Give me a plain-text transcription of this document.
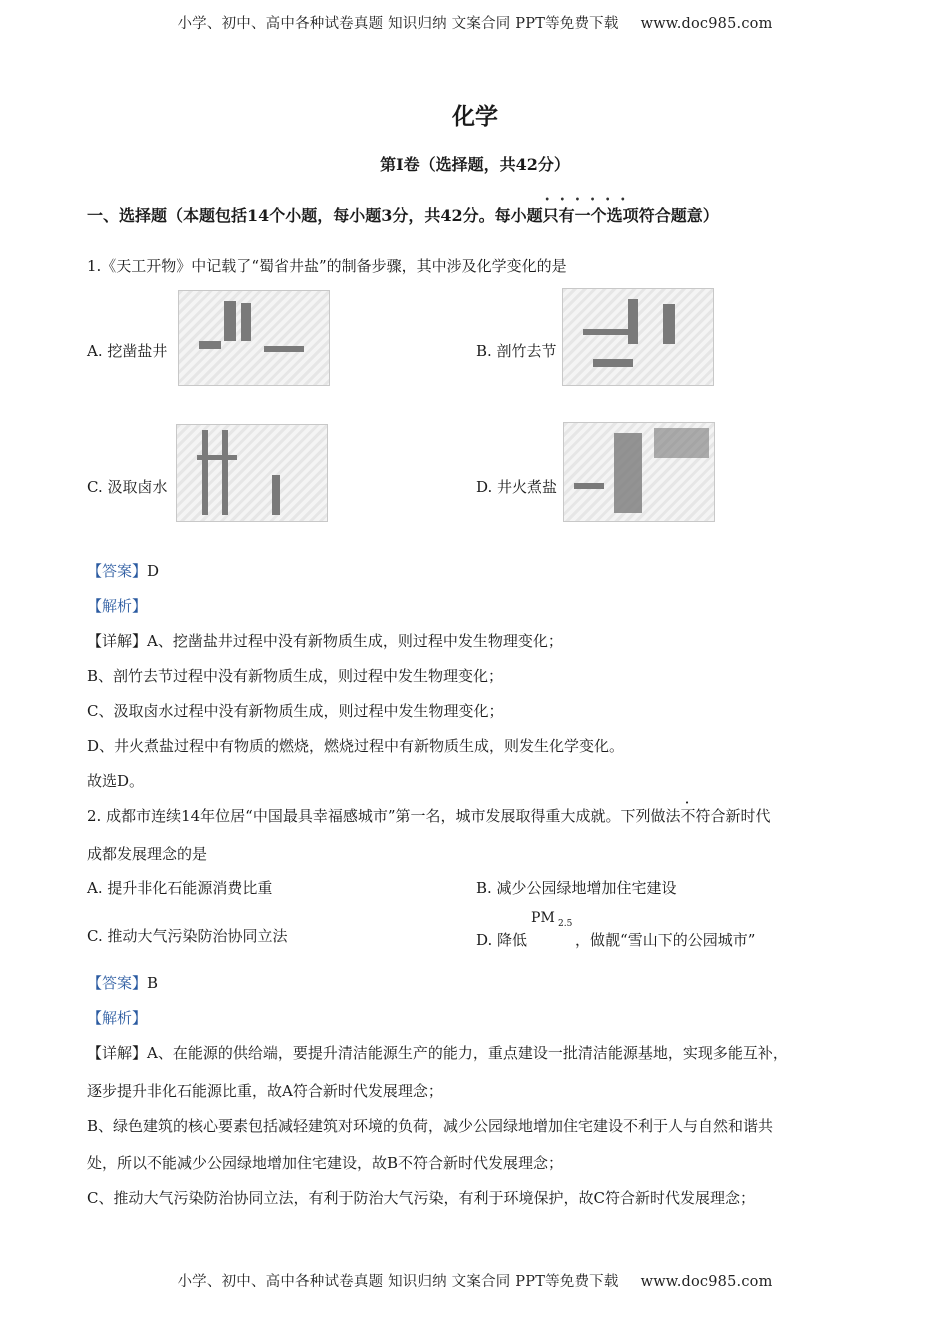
小学、初中、高中各种试卷真题 知识归纳 文案合同 PPT等免费下载 www.doc985.com
化学
第I卷（选择题，共42分）
一、选择题（本题包括14个小题，每小题3分，共42分。每小题只有一个选项 ••••••符合题意）
1.《天工开物》中记载了“蜀省井盐”的制备步骤，其中涉及化学变化的是
A. 挖凿盐井	B. 剖竹去节
C. 汲取卤水	D. 井火煮盐
【答案】D
【解析】
【详解】A、挖凿盐井过程中没有新物质生成，则过程中发生物理变化；
B、剖竹去节过程中没有新物质生成，则过程中发生物理变化；
C、汲取卤水过程中没有新物质生成，则过程中发生物理变化；
D、井火煮盐过程中有物质的燃烧，燃烧过程中有新物质生成，则发生化学变化。
故选D。
2. 成都市连续14年位居“中国最具幸福感城市”第一名，城市发展取得重大成就。下列做法不符合新时代
成都发展理念的是
A. 提升非化石能源消费比重	B. 减少公园绿地增加住宅建设
C. 推动大气污染防治协同立法	D. 降低
PM 2.5
，做靓“雪山下的公园城市”
【答案】B
【解析】
【详解】A、在能源的供给端，要提升清洁能源生产的能力，重点建设一批清洁能源基地，实现多能互补，
逐步提升非化石能源比重，故A符合新时代发展理念；
B、绿色建筑的核心要素包括减轻建筑对环境的负荷，减少公园绿地增加住宅建设不利于人与自然和谐共
处，所以不能减少公园绿地增加住宅建设，故B不符合新时代发展理念；
C、推动大气污染防治协同立法，有利于防治大气污染，有利于环境保护，故C符合新时代发展理念；
小学、初中、高中各种试卷真题 知识归纳 文案合同 PPT等免费下载 www.doc985.com
